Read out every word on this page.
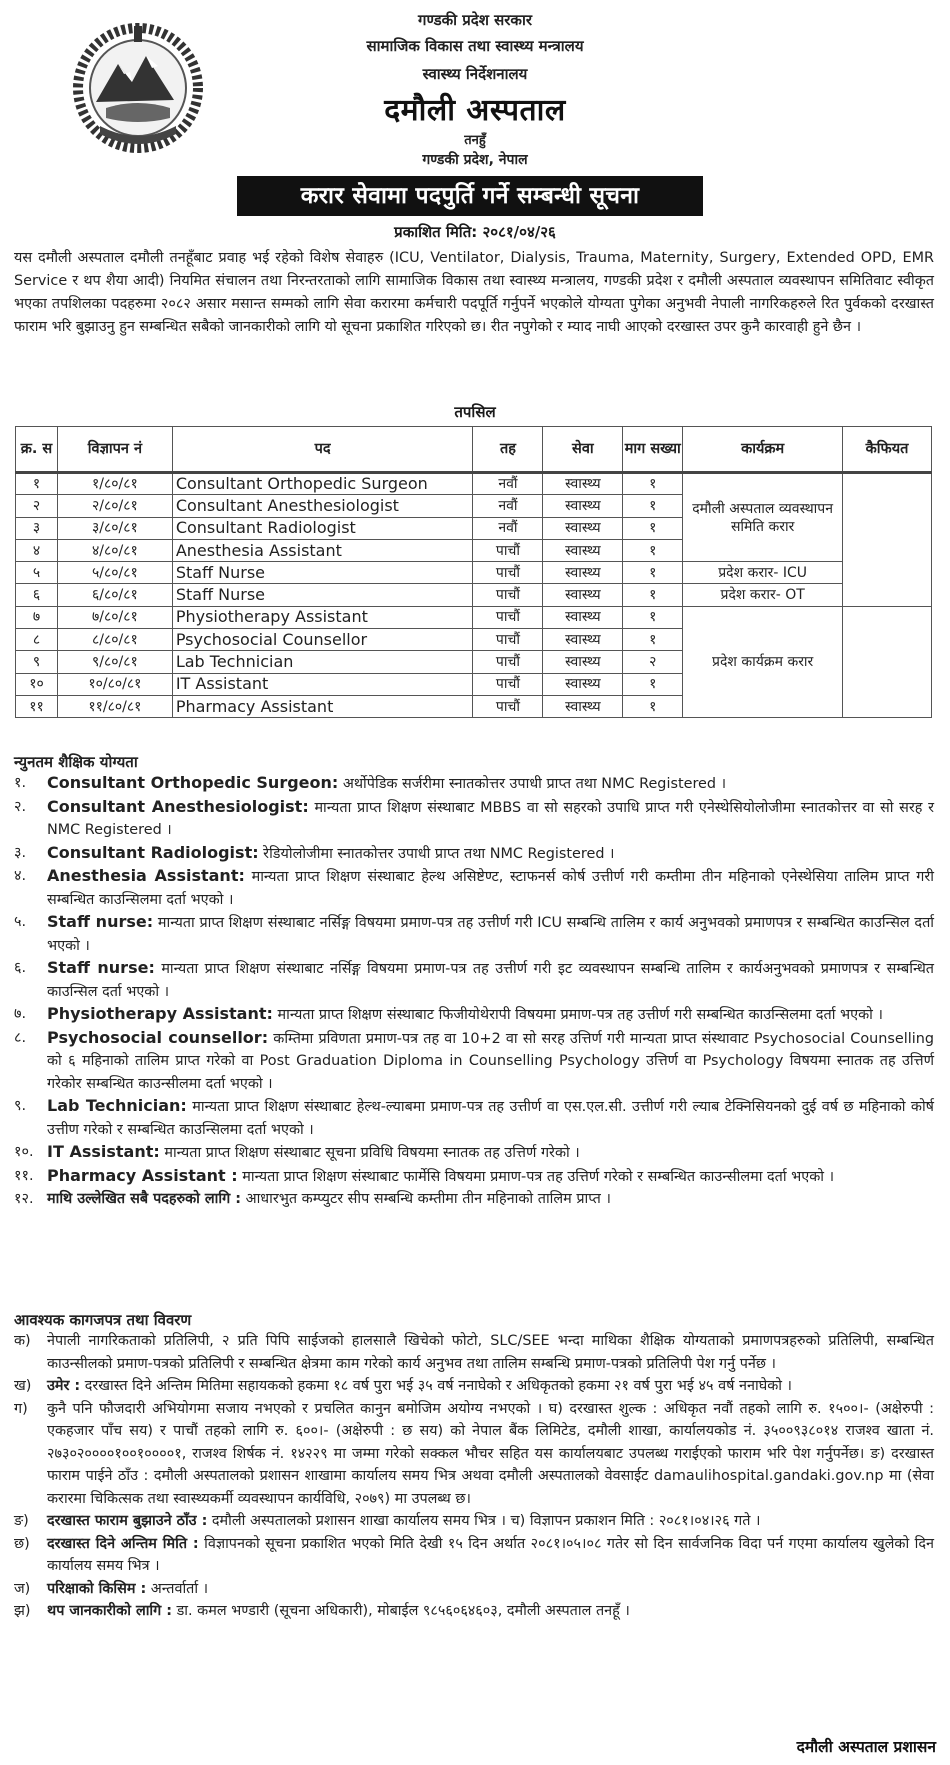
गण्डकी प्रदेश सरकार
सामाजिक विकास तथा स्वास्थ्य मन्त्रालय
स्वास्थ्य निर्देशनालय
दमौली अस्पताल
तनहुँ
गण्डकी प्रदेश, नेपाल
करार सेवामा पदपुर्ति गर्ने सम्बन्धी सूचना
प्रकाशित मिति: २०८१/०४/२६

यस दमौली अस्पताल दमौली तनहूँबाट प्रवाह भई रहेको विशेष सेवाहरु (ICU, Ventilator, Dialysis, Trauma, Maternity, Surgery, Extended OPD, EMR Service र थप शैया आदी) नियमित संचालन तथा निरन्तरताको लागि सामाजिक विकास तथा स्वास्थ्य मन्त्रालय, गण्डकी प्रदेश र दमौली अस्पताल व्यवस्थापन समितिवाट स्वीकृत भएका तपशिलका पदहरुमा २०८२ असार मसान्त सम्मको लागि सेवा करारमा कर्मचारी पदपूर्ति गर्नुपर्ने भएकोले योग्यता पुगेका अनुभवी नेपाली नागरिकहरुले रित पुर्वकको दरखास्त फाराम भरि बुझाउनु हुन सम्बन्धित सबैको जानकारीको लागि यो सूचना प्रकाशित गरिएको छ। रीत नपुगेको र म्याद नाघी आएको दरखास्त उपर कुनै कारवाही हुने छैन ।

तपसिल
क्र. स	विज्ञापन नं	पद	तह	सेवा	माग सख्या	कार्यक्रम	कैफियत
१	१/८०/८१	Consultant Orthopedic Surgeon	नवौं	स्वास्थ्य	१	दमौली अस्पताल व्यवस्थापन समिति करार	
२	२/८०/८१	Consultant Anesthesiologist	नवौं	स्वास्थ्य	१		
३	३/८०/८१	Consultant Radiologist	नवौं	स्वास्थ्य	१		
४	४/८०/८१	Anesthesia Assistant	पाचौं	स्वास्थ्य	१		
५	५/८०/८१	Staff Nurse	पाचौं	स्वास्थ्य	१	प्रदेश करार- ICU	
६	६/८०/८१	Staff Nurse	पाचौं	स्वास्थ्य	१	प्रदेश करार- OT	
७	७/८०/८१	Physiotherapy Assistant	पाचौं	स्वास्थ्य	१	प्रदेश कार्यक्रम करार	
८	८/८०/८१	Psychosocial Counsellor	पाचौं	स्वास्थ्य	१		
९	९/८०/८१	Lab Technician	पाचौं	स्वास्थ्य	२		
१०	१०/८०/८१	IT Assistant	पाचौं	स्वास्थ्य	१		
११	११/८०/८१	Pharmacy Assistant	पाचौं	स्वास्थ्य	१		
न्युनतम शैक्षिक योग्यता
१.	Consultant Orthopedic Surgeon: अर्थोपेडिक सर्जरीमा स्नातकोत्तर उपाधी प्राप्त तथा NMC Registered ।
२.	Consultant Anesthesiologist: मान्यता प्राप्त शिक्षण संस्थाबाट MBBS वा सो सहरको उपाधि प्राप्त गरी एनेस्थेसियोलोजीमा स्नातकोत्तर वा सो सरह र NMC Registered ।
३.	Consultant Radiologist: रेडियोलोजीमा स्नातकोत्तर उपाधी प्राप्त तथा NMC Registered ।
४.	Anesthesia Assistant: मान्यता प्राप्त शिक्षण संस्थाबाट हेल्थ असिष्टेण्ट, स्टाफनर्स कोर्ष उत्तीर्ण गरी कम्तीमा तीन महिनाको एनेस्थेसिया तालिम प्राप्त गरी सम्बन्धित काउन्सिलमा दर्ता भएको ।
५.	Staff nurse: मान्यता प्राप्त शिक्षण संस्थाबाट नर्सिङ्ग विषयमा प्रमाण-पत्र तह उत्तीर्ण गरी ICU सम्बन्धि तालिम र कार्य अनुभवको प्रमाणपत्र र सम्बन्धित काउन्सिल दर्ता भएको ।
६.	Staff nurse: मान्यता प्राप्त शिक्षण संस्थाबाट नर्सिङ्ग विषयमा प्रमाण-पत्र तह उत्तीर्ण गरी इट व्यवस्थापन सम्बन्धि तालिम र कार्यअनुभवको प्रमाणपत्र र सम्बन्धित काउन्सिल दर्ता भएको ।
७.	Physiotherapy Assistant: मान्यता प्राप्त शिक्षण संस्थाबाट फिजीयोथेरापी विषयमा प्रमाण-पत्र तह उत्तीर्ण गरी सम्बन्धित काउन्सिलमा दर्ता भएको ।
८.	Psychosocial counsellor: कम्तिमा प्रविणता प्रमाण-पत्र तह वा 10+2 वा सो सरह उत्तिर्ण गरी मान्यता प्राप्त संस्थावाट Psychosocial Counselling को ६ महिनाको तालिम प्राप्त गरेको वा Post Graduation Diploma in Counselling Psychology उत्तिर्ण वा Psychology विषयमा स्नातक तह उत्तिर्ण गरेकोर सम्बन्धित काउन्सीलमा दर्ता भएको ।
९.	Lab Technician: मान्यता प्राप्त शिक्षण संस्थाबाट हेल्थ-ल्याबमा प्रमाण-पत्र तह उत्तीर्ण वा एस.एल.सी. उत्तीर्ण गरी ल्याब टेक्निसियनको दुई वर्ष छ महिनाको कोर्ष उत्तीण गरेको र सम्बन्धित काउन्सिलमा दर्ता भएको ।
१०. IT Assistant: मान्यता प्राप्त शिक्षण संस्थाबाट सूचना प्रविधि विषयमा स्नातक तह उत्तिर्ण गरेको ।
११. Pharmacy Assistant : मान्यता प्राप्त शिक्षण संस्थाबाट फार्मेसि विषयमा प्रमाण-पत्र तह उत्तिर्ण गरेको र सम्बन्धित काउन्सीलमा दर्ता भएको ।
१२. माथि उल्लेखित सबै पदहरुको लागि : आधारभुत कम्प्युटर सीप सम्बन्धि कम्तीमा तीन महिनाको तालिम प्राप्त ।
आवश्यक कागजपत्र तथा विवरण
क)	नेपाली नागरिकताको प्रतिलिपी, २ प्रति पिपि साईजको हालसालै खिचेको फोटो, SLC/SEE भन्दा माथिका शैक्षिक योग्यताको प्रमाणपत्रहरुको प्रतिलिपी, सम्बन्धित काउन्सीलको प्रमाण-पत्रको प्रतिलिपी र सम्बन्धित क्षेत्रमा काम गरेको कार्य अनुभव तथा तालिम सम्बन्धि प्रमाण-पत्रको प्रतिलिपी पेश गर्नु पर्नेछ ।
ख)	उमेर : दरखास्त दिने अन्तिम मितिमा सहायकको हकमा १८ वर्ष पुरा भई ३५ वर्ष ननाघेको र अधिकृतको हकमा २१ वर्ष पुरा भई ४५ वर्ष ननाघेको ।
ग)	कुनै पनि फौजदारी अभियोगमा सजाय नभएको र प्रचलित कानुन बमोजिम अयोग्य नभएको । घ) दरखास्त शुल्क : अधिकृत नवौं तहको लागि रु. १५००।- (अक्षेरुपी : एकहजार पाँच सय) र पाचौं तहको लागि रु. ६००।- (अक्षेरुपी : छ सय) को नेपाल बैंक लिमिटेड, दमौली शाखा, कार्यालयकोड नं. ३५००९३८०१४ राजश्व खाता नं. २७३०२००००१००१००००१, राजश्व शिर्षक नं. १४२२९ मा जम्मा गरेको सक्कल भौचर सहित यस कार्यालयबाट उपलब्ध गराईएको फाराम भरि पेश गर्नुपर्नेछ। ङ) दरखास्त फाराम पाईने ठाँउ : दमौली अस्पतालको प्रशासन शाखामा कार्यालय समय भित्र अथवा दमौली अस्पतालको वेवसाईट damaulihospital.gandaki.gov.np मा (सेवा करारमा चिकित्सक तथा स्वास्थ्यकर्मी व्यवस्थापन कार्यविधि, २०७९) मा उपलब्ध छ।
ङ)	दरखास्त फाराम बुझाउने ठाँउ : दमौली अस्पतालको प्रशासन शाखा कार्यालय समय भित्र । च) विज्ञापन प्रकाशन मिति : २०८१।०४।२६ गते ।
छ)	दरखास्त दिने अन्तिम मिति : विज्ञापनको सूचना प्रकाशित भएको मिति देखी १५ दिन अर्थात २०८१।०५।०८ गतेर सो दिन सार्वजनिक विदा पर्न गएमा कार्यालय खुलेको दिन कार्यालय समय भित्र ।
ज)	परिक्षाको किसिम : अन्तर्वार्ता ।
झ)	थप जानकारीको लागि : डा. कमल भण्डारी (सूचना अधिकारी), मोबाईल ९८५६०६४६०३, दमौली अस्पताल तनहूँ ।
दमौली अस्पताल प्रशासन
